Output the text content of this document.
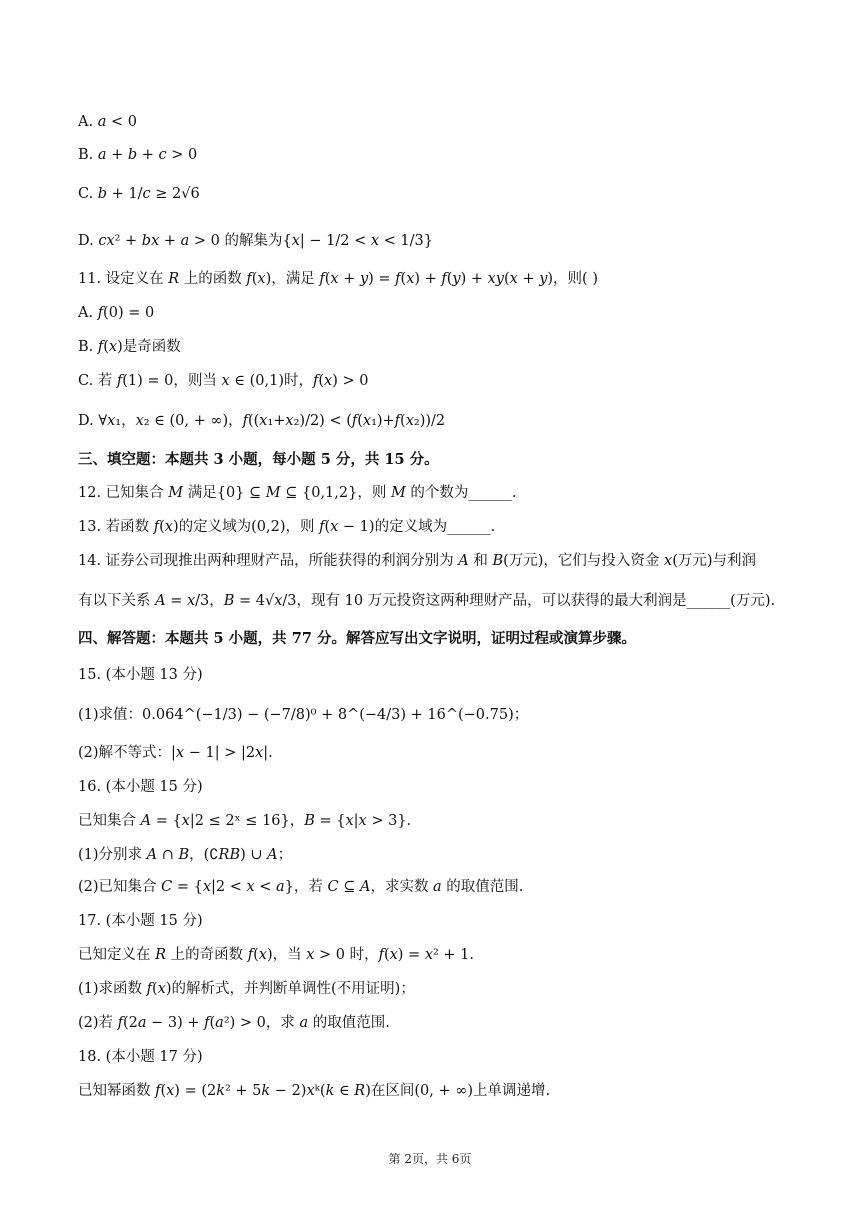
A. 𝑎 < 0
B. 𝑎 + 𝑏 + 𝑐 > 0
C. 𝑏 + 1/𝑐 ≥ 2√6
D. 𝑐𝑥² + 𝑏𝑥 + 𝑎 > 0 的解集为{𝑥| − 1/2 < 𝑥 < 1/3}
11. 设定义在 𝑅 上的函数 𝑓(𝑥)，满足 𝑓(𝑥 + 𝑦) = 𝑓(𝑥) + 𝑓(𝑦) + 𝑥𝑦(𝑥 + 𝑦)，则( )
A. 𝑓(0) = 0
B. 𝑓(𝑥)是奇函数
C. 若 𝑓(1) = 0，则当 𝑥 ∈ (0,1)时，𝑓(𝑥) > 0
D. ∀𝑥₁，𝑥₂ ∈ (0, + ∞)，𝑓((𝑥₁+𝑥₂)/2) < (𝑓(𝑥₁)+𝑓(𝑥₂))/2
三、填空题：本题共 3 小题，每小题 5 分，共 15 分。
12. 已知集合 𝑀 满足{0} ⊆ 𝑀 ⊆ {0,1,2}，则 𝑀 的个数为______.
13. 若函数 𝑓(𝑥)的定义域为(0,2)，则 𝑓(𝑥 − 1)的定义域为______.
14. 证券公司现推出两种理财产品，所能获得的利润分别为 𝐴 和 𝐵(万元)，它们与投入资金 𝑥(万元)与利润
有以下关系 𝐴 = 𝑥/3，𝐵 = 4√𝑥/3，现有 10 万元投资这两种理财产品，可以获得的最大利润是______(万元).
四、解答题：本题共 5 小题，共 77 分。解答应写出文字说明，证明过程或演算步骤。
15. (本小题 13 分)
(1)求值：0.064^(−1/3) − (−7/8)⁰ + 8^(−4/3) + 16^(−0.75)；
(2)解不等式：|𝑥 − 1| > |2𝑥|.
16. (本小题 15 分)
已知集合 𝐴 = {𝑥|2 ≤ 2ˣ ≤ 16}，𝐵 = {𝑥|𝑥 > 3}.
(1)分别求 𝐴 ∩ 𝐵，(∁𝑅𝐵) ∪ 𝐴；
(2)已知集合 𝐶 = {𝑥|2 < 𝑥 < 𝑎}，若 𝐶 ⊆ 𝐴，求实数 𝑎 的取值范围.
17. (本小题 15 分)
已知定义在 𝑅 上的奇函数 𝑓(𝑥)，当 𝑥 > 0 时，𝑓(𝑥) = 𝑥² + 1.
(1)求函数 𝑓(𝑥)的解析式，并判断单调性(不用证明)；
(2)若 𝑓(2𝑎 − 3) + 𝑓(𝑎²) > 0，求 𝑎 的取值范围.
18. (本小题 17 分)
已知幂函数 𝑓(𝑥) = (2𝑘² + 5𝑘 − 2)𝑥ᵏ(𝑘 ∈ 𝑅)在区间(0, + ∞)上单调递增.
第 2页，共 6页
